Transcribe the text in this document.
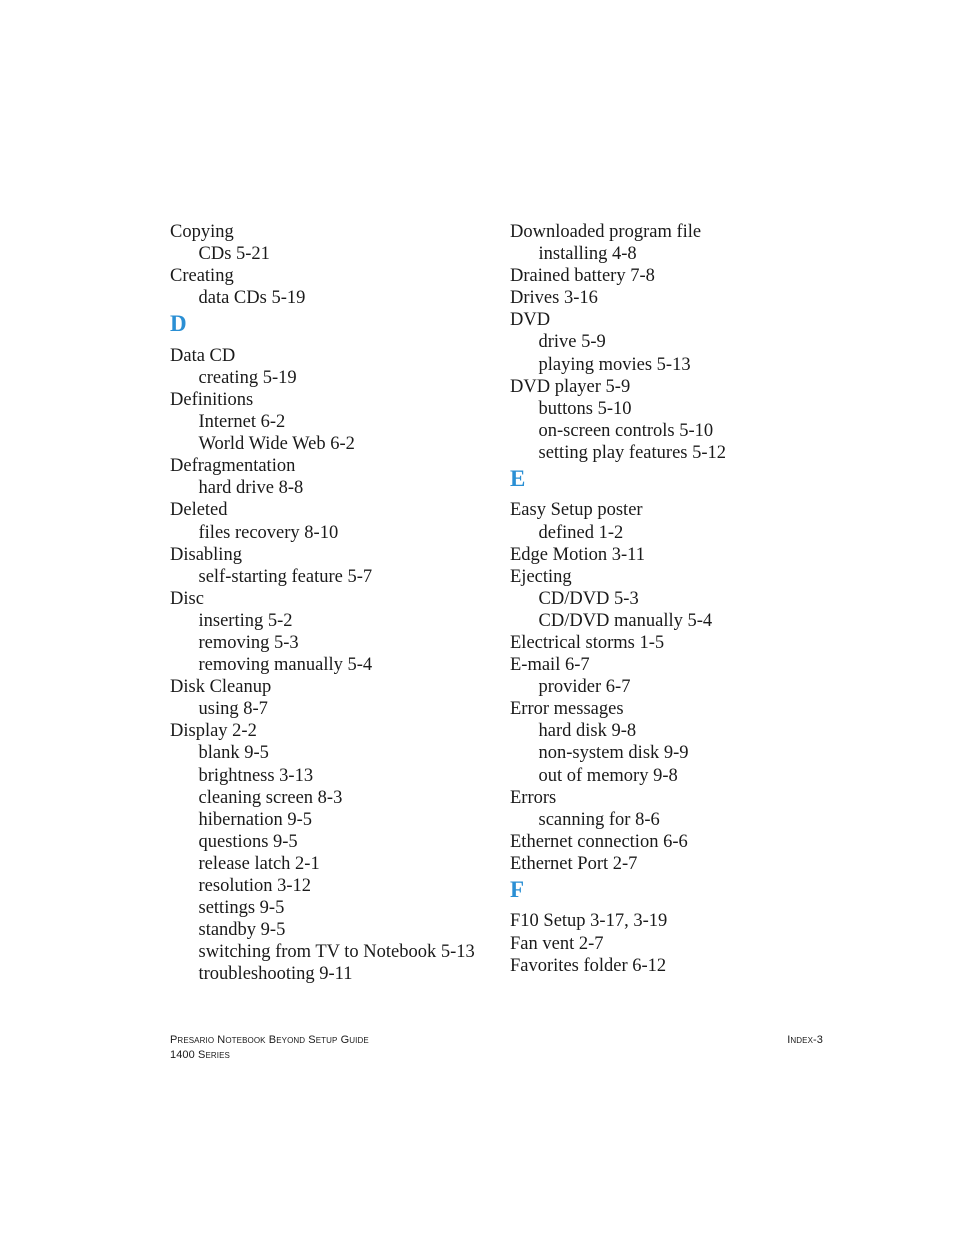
Copying
CDs 5-21
Creating
data CDs 5-19
D
Data CD
creating 5-19
Definitions
Internet 6-2
World Wide Web 6-2
Defragmentation
hard drive 8-8
Deleted
files recovery 8-10
Disabling
self-starting feature 5-7
Disc
inserting 5-2
removing 5-3
removing manually 5-4
Disk Cleanup
using 8-7
Display 2-2
blank 9-5
brightness 3-13
cleaning screen 8-3
hibernation 9-5
questions 9-5
release latch 2-1
resolution 3-12
settings 9-5
standby 9-5
switching from TV to Notebook 5-13
troubleshooting 9-11
Downloaded program file
installing 4-8
Drained battery 7-8
Drives 3-16
DVD
drive 5-9
playing movies 5-13
DVD player 5-9
buttons 5-10
on-screen controls 5-10
setting play features 5-12
E
Easy Setup poster
defined 1-2
Edge Motion 3-11
Ejecting
CD/DVD 5-3
CD/DVD manually 5-4
Electrical storms 1-5
E-mail 6-7
provider 6-7
Error messages
hard disk 9-8
non-system disk 9-9
out of memory 9-8
Errors
scanning for 8-6
Ethernet connection 6-6
Ethernet Port 2-7
F
F10 Setup 3-17, 3-19
Fan vent 2-7
Favorites folder 6-12
Presario Notebook Beyond Setup Guide
1400 Series
Index-3
